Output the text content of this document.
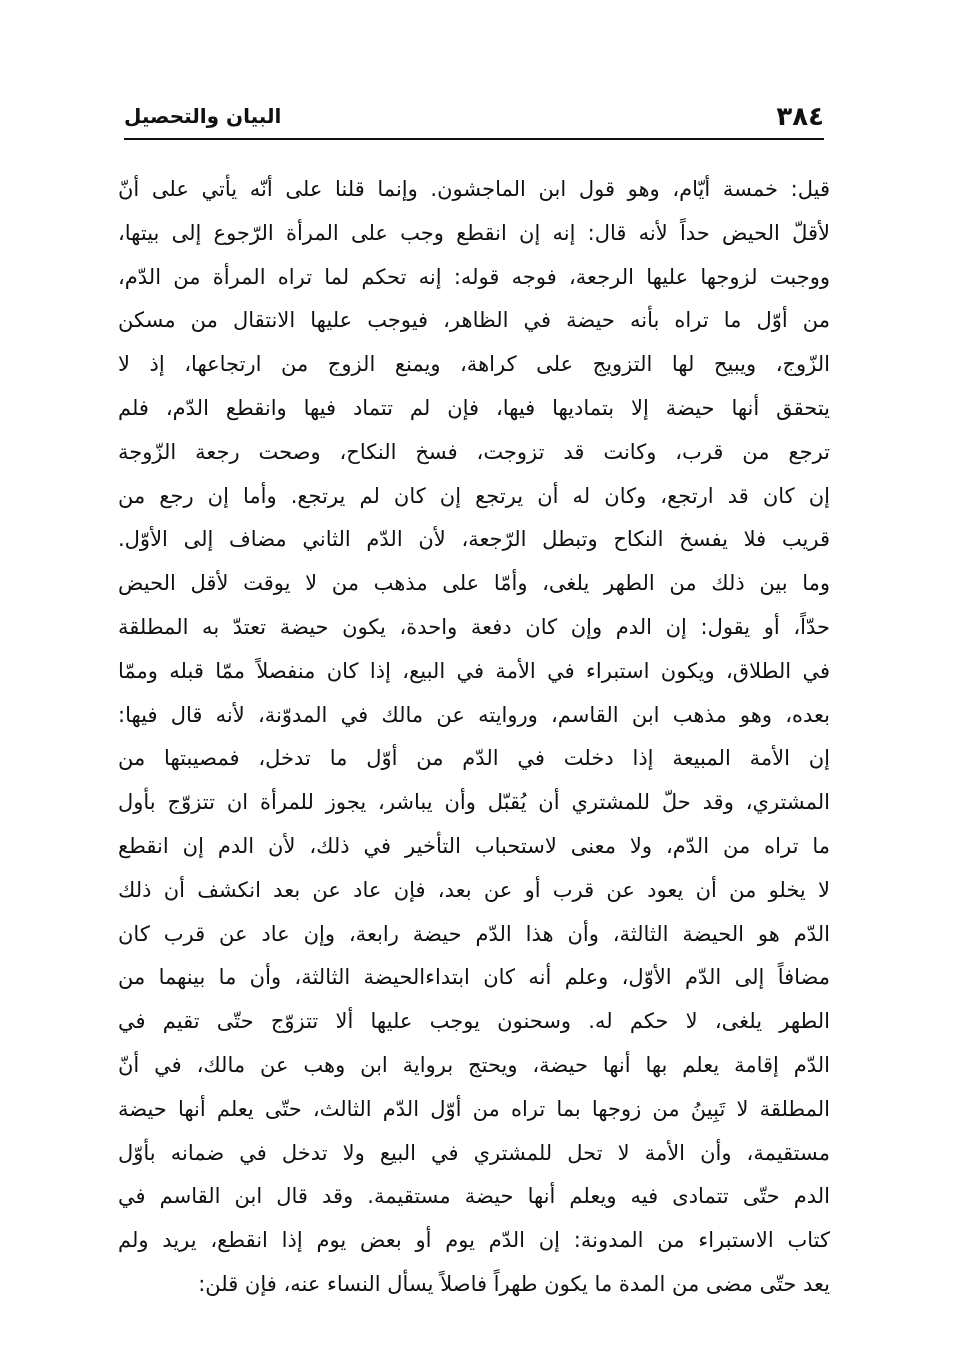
٣٨٤
البيان والتحصيل
قيل: خمسة أيّام، وهو قول ابن الماجشون. وإنما قلنا على أنّه يأتي على أنّ
لأقلّ الحيض حداً لأنه قال: إنه إن انقطع وجب على المرأة الرّجوع إلى بيتها،
ووجبت لزوجها عليها الرجعة، فوجه قوله: إنه تحكم لما تراه المرأة من الدّم،
من أوّل ما تراه بأنه حيضة في الظاهر، فيوجب عليها الانتقال من مسكن
الزّوج، ويبيح لها التزويج على كراهة، ويمنع الزوج من ارتجاعها، إذ لا
يتحقق أنها حيضة إلا بتماديها فيها، فإن لم تتماد فيها وانقطع الدّم، فلم
ترجع من قرب، وكانت قد تزوجت، فسخ النكاح، وصحت رجعة الزّوجة
إن كان قد ارتجع، وكان له أن يرتجع إن كان لم يرتجع. وأما إن رجع من
قريب فلا يفسخ النكاح وتبطل الرّجعة، لأن الدّم الثاني مضاف إلى الأوّل.
وما بين ذلك من الطهر يلغى، وأمّا على مذهب من لا يوقت لأقل الحيض
حدّاً، أو يقول: إن الدم وإن كان دفعة واحدة، يكون حيضة تعتدّ به المطلقة
في الطلاق، ويكون استبراء في الأمة في البيع، إذا كان منفصلاً ممّا قبله وممّا
بعده، وهو مذهب ابن القاسم، وروايته عن مالك في المدوّنة، لأنه قال فيها:
إن الأمة المبيعة إذا دخلت في الدّم من أوّل ما تدخل، فمصيبتها من
المشتري، وقد حلّ للمشتري أن يُقبّل وأن يباشر، يجوز للمرأة ان تتزوّج بأول
ما تراه من الدّم، ولا معنى لاستحباب التأخير في ذلك، لأن الدم إن انقطع
لا يخلو من أن يعود عن قرب أو عن بعد، فإن عاد عن بعد انكشف أن ذلك
الدّم هو الحيضة الثالثة، وأن هذا الدّم حيضة رابعة، وإن عاد عن قرب كان
مضافاً إلى الدّم الأوّل، وعلم أنه كان ابتداءالحيضة الثالثة، وأن ما بينهما من
الطهر يلغى، لا حكم له. وسحنون يوجب عليها ألا تتزوّج حتّى تقيم في
الدّم إقامة يعلم بها أنها حيضة، ويحتج برواية ابن وهب عن مالك، في أنّ
المطلقة لا تَبِينُ من زوجها بما تراه من أوّل الدّم الثالث، حتّى يعلم أنها حيضة
مستقيمة، وأن الأمة لا تحل للمشتري في البيع ولا تدخل في ضمانه بأوّل
الدم حتّى تتمادى فيه ويعلم أنها حيضة مستقيمة. وقد قال ابن القاسم في
كتاب الاستبراء من المدونة: إن الدّم يوم أو بعض يوم إذا انقطع، يريد ولم
يعد حتّى مضى من المدة ما يكون طهراً فاصلاً يسأل النساء عنه، فإن قلن:
